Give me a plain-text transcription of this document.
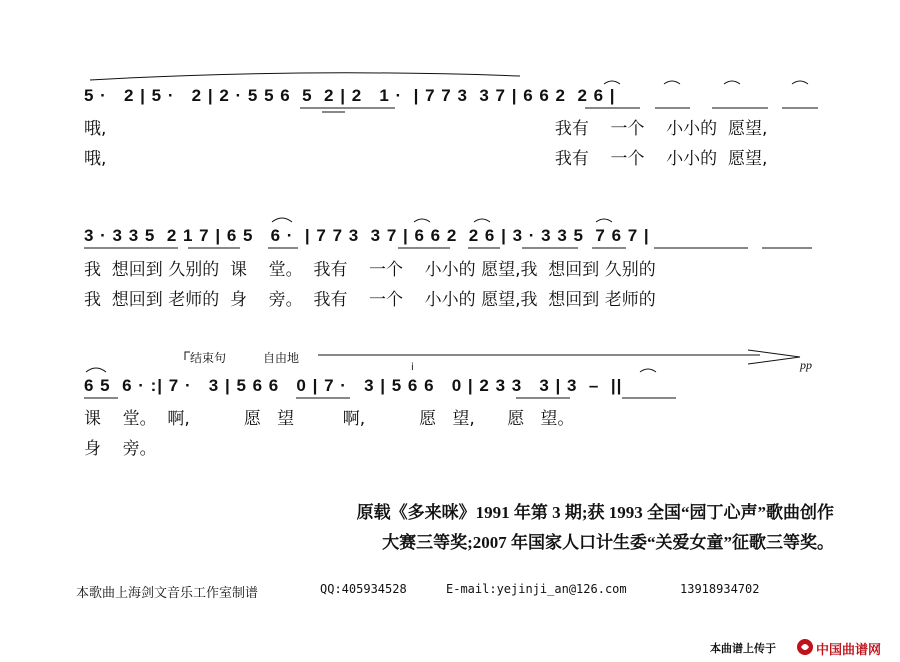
5 ·   2 | 5 ·   2 | 2 · 5 5 6  5  2 | 2   1 ·  | 7 7 3  3 7 | 6 6 2  2 6 |
哦,                                                                                   我有    一个    小小的  愿望,
哦,                                                                                   我有    一个    小小的  愿望,
3 · 3 3 5  2 1 7 | 6 5   6 ·  | 7 7 3  3 7 | 6 6 2  2 6 | 3 · 3 3 5  7 6 7 |
我  想回到 久别的  课    堂。  我有    一个    小小的 愿望,我  想回到 久别的
我  想回到 老师的  身    旁。  我有    一个    小小的 愿望,我  想回到 老师的
结束句	自由地	pp
i
6 5  6 · :| 7 ·   3 | 5 6 6   0 | 7 ·   3 | 5 6 6   0 | 2 3 3   3 | 3  –  ||
课    堂。  啊,          愿   望         啊,          愿   望,      愿   望。
身    旁。
原载《多来咪》1991 年第 3 期;获 1993 全国“园丁心声”歌曲创作
大赛三等奖;2007 年国家人口计生委“关爱女童”征歌三等奖。
本歌曲上海剑文音乐工作室制谱	QQ:405934528	E-mail:yejinji_an@126.com	13918934702
本曲谱上传于	中国曲谱网
